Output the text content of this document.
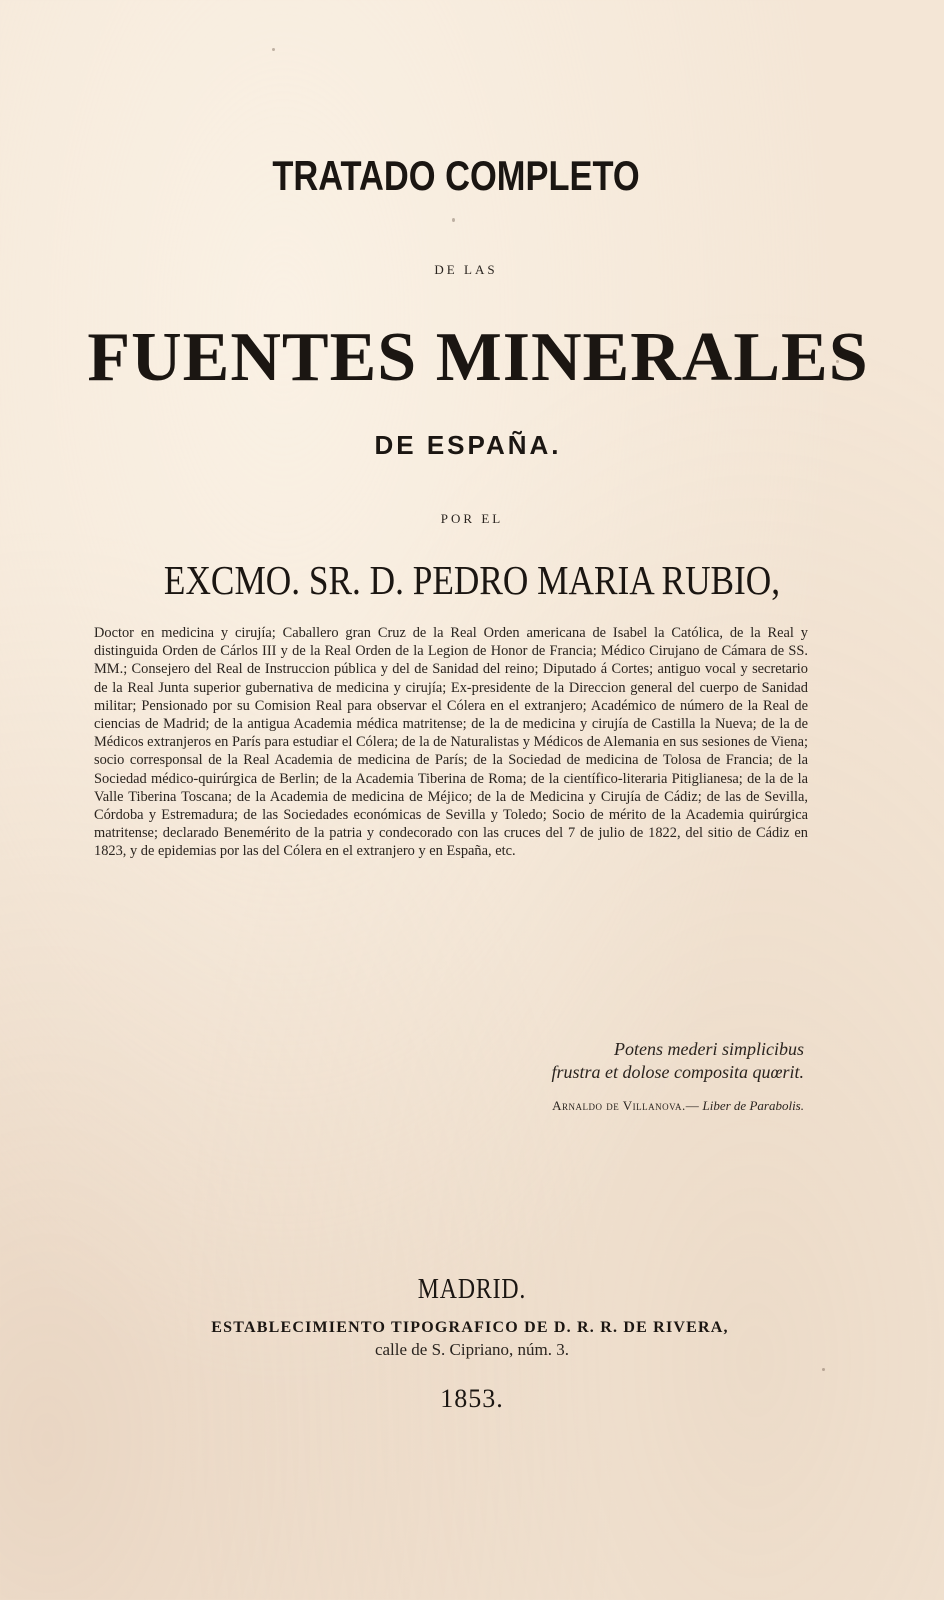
TRATADO COMPLETO
DE LAS
FUENTES MINERALES
DE ESPAÑA.
POR EL
EXCMO. SR. D. PEDRO MARIA RUBIO,
Doctor en medicina y cirujía; Caballero gran Cruz de la Real Orden americana de Isabel la Católica, de la Real y distinguida Orden de Cárlos III y de la Real Orden de la Legion de Honor de Francia; Médico Cirujano de Cámara de SS. MM.; Consejero del Real de Instruccion pública y del de Sanidad del reino; Diputado á Cortes; antiguo vocal y secretario de la Real Junta superior gubernativa de medicina y cirujía; Ex-presidente de la Direccion general del cuerpo de Sanidad militar; Pensionado por su Comision Real para observar el Cólera en el extranjero; Académico de número de la Real de ciencias de Madrid; de la antigua Academia médica matritense; de la de medicina y cirujía de Castilla la Nueva; de la de Médicos extranjeros en París para estudiar el Cólera; de la de Naturalistas y Médicos de Alemania en sus sesiones de Viena; socio corresponsal de la Real Academia de medicina de París; de la Sociedad de medicina de Tolosa de Francia; de la Sociedad médico-quirúrgica de Berlin; de la Academia Tiberina de Roma; de la científico-literaria Pitiglianesa; de la de la Valle Tiberina Toscana; de la Academia de medicina de Méjico; de la de Medicina y Cirujía de Cádiz; de las de Sevilla, Córdoba y Estremadura; de las Sociedades económicas de Sevilla y Toledo; Socio de mérito de la Academia quirúrgica matritense; declarado Benemérito de la patria y condecorado con las cruces del 7 de julio de 1822, del sitio de Cádiz en 1823, y de epidemias por las del Cólera en el extranjero y en España, etc.
Potens mederi simplicibus
frustra et dolose composita quœrit.
Arnaldo de Villanova.— Liber de Parabolis.
MADRID.
ESTABLECIMIENTO TIPOGRAFICO DE D. R. R. DE RIVERA,
calle de S. Cipriano, núm. 3.
1853.
